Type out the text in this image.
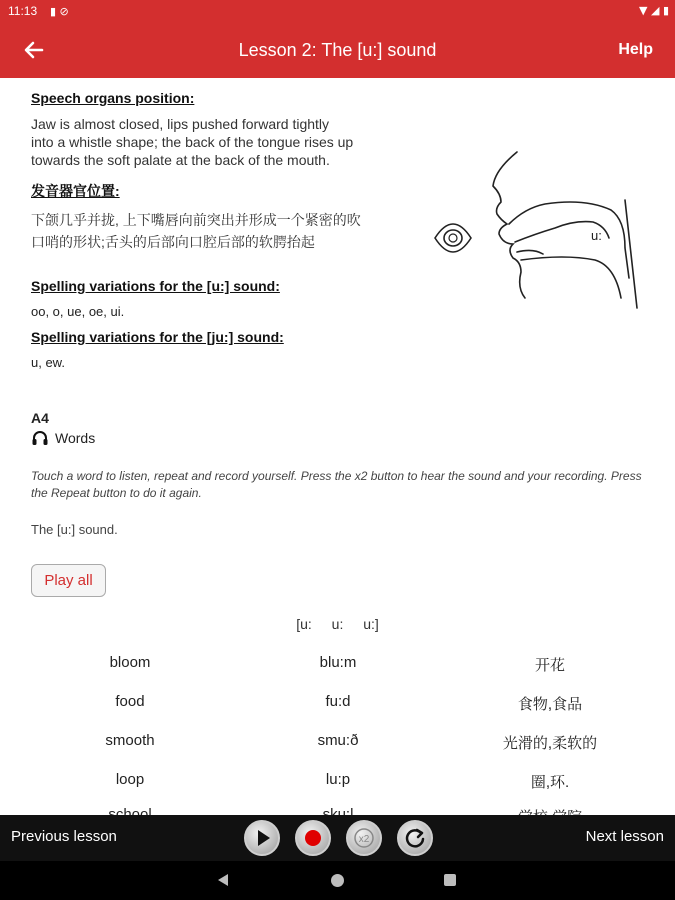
11:13 ▮ ⊘	▼ ◢ ▮
Lesson 2: The [u:] sound	Help
Speech organs position:
Jaw is almost closed, lips pushed forward tightly
into a whistle shape; the back of the tongue rises up
towards the soft palate at the back of the mouth.
发音器官位置:
下颌几乎并拢, 上下嘴唇向前突出并形成一个紧密的吹
口哨的形状;舌头的后部向口腔后部的软腭抬起	u:
Spelling variations for the [u:] sound:
oo, o, ue, oe, ui.
Spelling variations for the [ju:] sound:
u, ew.
A4
Words
Touch a word to listen, repeat and record yourself. Press the x2 button to hear the sound and your recording. Press the Repeat button to do it again.
The [u:] sound.
Play all
[u: u: u:]
bloom	blu:m	开花
food	fu:d	食物,食品
smooth	smu:ð	光滑的,柔软的
loop	lu:p	圈,环.
Previous lesson	x2	Next lesson
